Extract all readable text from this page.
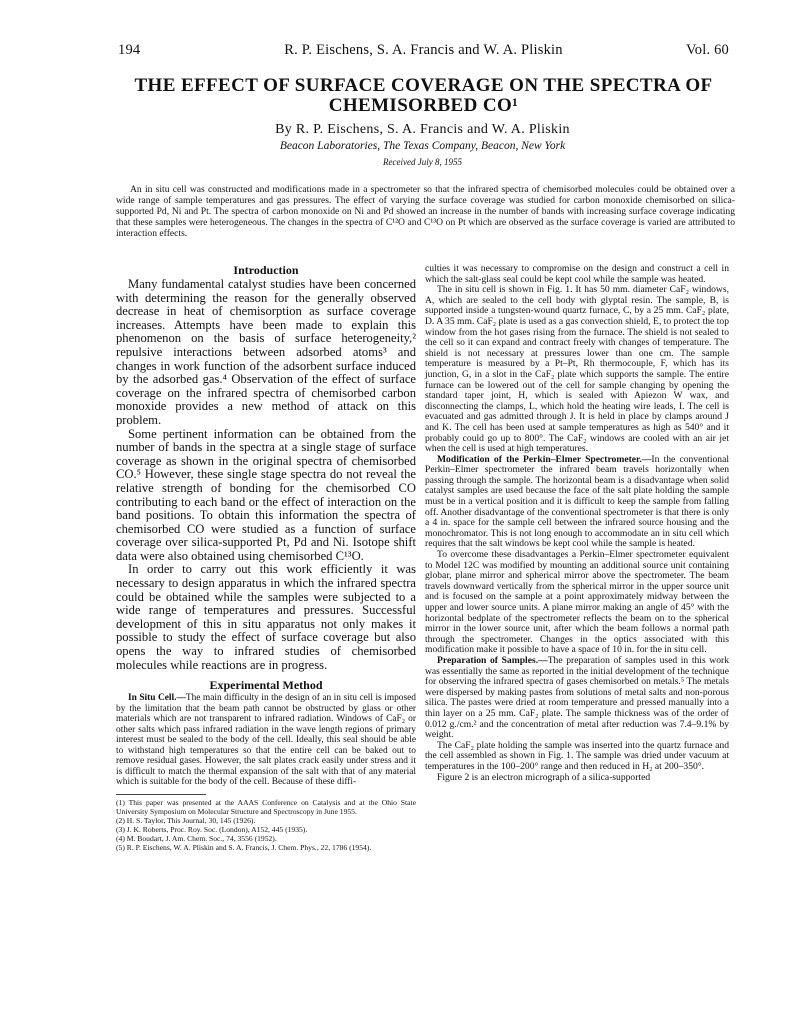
194	R. P. Eischens, S. A. Francis and W. A. Pliskin	Vol. 60
THE EFFECT OF SURFACE COVERAGE ON THE SPECTRA OF CHEMISORBED CO¹
By R. P. Eischens, S. A. Francis and W. A. Pliskin
Beacon Laboratories, The Texas Company, Beacon, New York
Received July 8, 1955

An in situ cell was constructed and modifications made in a spectrometer so that the infrared spectra of chemisorbed molecules could be obtained over a wide range of sample temperatures and gas pressures. The effect of varying the surface coverage was studied for carbon monoxide chemisorbed on silica-supported Pd, Ni and Pt. The spectra of carbon monoxide on Ni and Pd showed an increase in the number of bands with increasing surface coverage indicating that these samples were heterogeneous. The changes in the spectra of C¹²O and C¹³O on Pt which are observed as the surface coverage is varied are attributed to interaction effects.

Introduction

Many fundamental catalyst studies have been concerned with determining the reason for the generally observed decrease in heat of chemisorption as surface coverage increases. Attempts have been made to explain this phenomenon on the basis of surface heterogeneity,² repulsive interactions between adsorbed atoms³ and changes in work function of the adsorbent surface induced by the adsorbed gas.⁴ Observation of the effect of surface coverage on the infrared spectra of chemisorbed carbon monoxide provides a new method of attack on this problem.

Some pertinent information can be obtained from the number of bands in the spectra at a single stage of surface coverage as shown in the original spectra of chemisorbed CO.⁵ However, these single stage spectra do not reveal the relative strength of bonding for the chemisorbed CO contributing to each band or the effect of interaction on the band positions. To obtain this information the spectra of chemisorbed CO were studied as a function of surface coverage over silica-supported Pt, Pd and Ni. Isotope shift data were also obtained using chemisorbed C¹³O.

In order to carry out this work efficiently it was necessary to design apparatus in which the infrared spectra could be obtained while the samples were subjected to a wide range of temperatures and pressures. Successful development of this in situ apparatus not only makes it possible to study the effect of surface coverage but also opens the way to infrared studies of chemisorbed molecules while reactions are in progress.

Experimental Method

In Situ Cell.—The main difficulty in the design of an in situ cell is imposed by the limitation that the beam path cannot be obstructed by glass or other materials which are not transparent to infrared radiation. Windows of CaF₂ or other salts which pass infrared radiation in the wave length regions of primary interest must be sealed to the body of the cell. Ideally, this seal should be able to withstand high temperatures so that the entire cell can be baked out to remove residual gases. However, the salt plates crack easily under stress and it is difficult to match the thermal expansion of the salt with that of any material which is suitable for the body of the cell. Because of these diffi-

(1) This paper was presented at the AAAS Conference on Catalysis and at the Ohio State University Symposium on Molecular Structure and Spectroscopy in June 1955.

(2) H. S. Taylor, This Journal, 30, 145 (1926).

(3) J. K. Roberts, Proc. Roy. Soc. (London), A152, 445 (1935).

(4) M. Boudart, J. Am. Chem. Soc., 74, 3556 (1952).

(5) R. P. Eischens, W. A. Pliskin and S. A. Francis, J. Chem. Phys., 22, 1786 (1954).

culties it was necessary to compromise on the design and construct a cell in which the salt-glass seal could be kept cool while the sample was heated.

The in situ cell is shown in Fig. 1. It has 50 mm. diameter CaF₂ windows, A, which are sealed to the cell body with glyptal resin. The sample, B, is supported inside a tungsten-wound quartz furnace, C, by a 25 mm. CaF₂ plate, D. A 35 mm. CaF₂ plate is used as a gas convection shield, E, to protect the top window from the hot gases rising from the furnace. The shield is not sealed to the cell so it can expand and contract freely with changes of temperature. The shield is not necessary at pressures lower than one cm. The sample temperature is measured by a Pt–Pt, Rh thermocouple, F, which has its junction, G, in a slot in the CaF₂ plate which supports the sample. The entire furnace can be lowered out of the cell for sample changing by opening the standard taper joint, H, which is sealed with Apiezon W wax, and disconnecting the clamps, L, which hold the heating wire leads, I. The cell is evacuated and gas admitted through J. It is held in place by clamps around J and K. The cell has been used at sample temperatures as high as 540° and it probably could go up to 800°. The CaF₂ windows are cooled with an air jet when the cell is used at high temperatures.

Modification of the Perkin–Elmer Spectrometer.—In the conventional Perkin–Elmer spectrometer the infrared beam travels horizontally when passing through the sample. The horizontal beam is a disadvantage when solid catalyst samples are used because the face of the salt plate holding the sample must be in a vertical position and it is difficult to keep the sample from falling off. Another disadvantage of the conventional spectrometer is that there is only a 4 in. space for the sample cell between the infrared source housing and the monochromator. This is not long enough to accommodate an in situ cell which requires that the salt windows be kept cool while the sample is heated.

To overcome these disadvantages a Perkin–Elmer spectrometer equivalent to Model 12C was modified by mounting an additional source unit containing globar, plane mirror and spherical mirror above the spectrometer. The beam travels downward vertically from the spherical mirror in the upper source unit and is focused on the sample at a point approximately midway between the upper and lower source units. A plane mirror making an angle of 45° with the horizontal bedplate of the spectrometer reflects the beam on to the spherical mirror in the lower source unit, after which the beam follows a normal path through the spectrometer. Changes in the optics associated with this modification make it possible to have a space of 10 in. for the in situ cell.

Preparation of Samples.—The preparation of samples used in this work was essentially the same as reported in the initial development of the technique for observing the infrared spectra of gases chemisorbed on metals.⁵ The metals were dispersed by making pastes from solutions of metal salts and non-porous silica. The pastes were dried at room temperature and pressed manually into a thin layer on a 25 mm. CaF₂ plate. The sample thickness was of the order of 0.012 g./cm.² and the concentration of metal after reduction was 7.4–9.1% by weight.

The CaF₂ plate holding the sample was inserted into the quartz furnace and the cell assembled as shown in Fig. 1. The sample was dried under vacuum at temperatures in the 100–200° range and then reduced in H₂ at 200–350°.

Figure 2 is an electron micrograph of a silica-supported
